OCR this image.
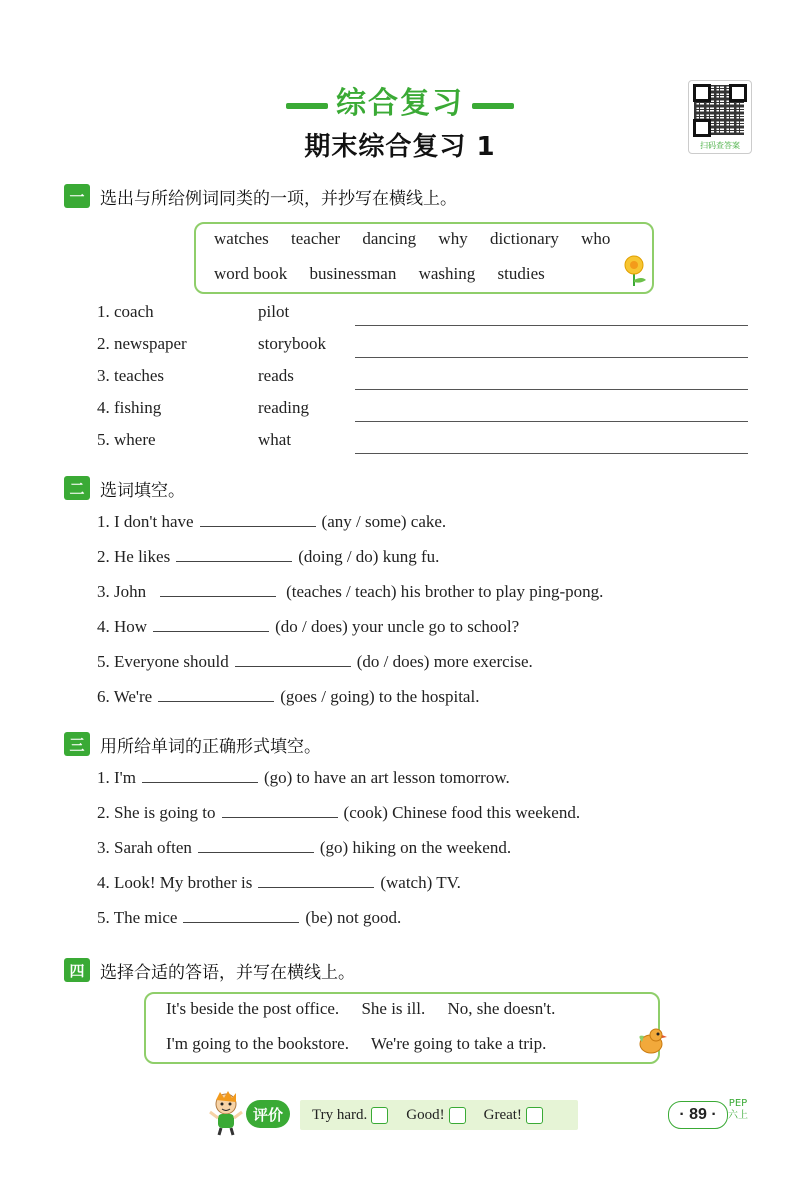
综合复习
期末综合复习 1	扫码查答案
一 选出与所给例词同类的一项，并抄写在横线上。
watches teacher dancing why dictionary who
word book businessman washing studies
1. coach	pilot
2. newspaper	storybook
3. teaches	reads
4. fishing	reading
5. where	what
二 选词填空。
1. I don't have	(any / some) cake.
2. He likes	(doing / do) kung fu.
3. John	(teaches / teach) his brother to play ping-pong.
4. How	(do / does) your uncle go to school?
5. Everyone should	(do / does) more exercise.
6. We're	(goes / going) to the hospital.
三 用所给单词的正确形式填空。
1. I'm	(go) to have an art lesson tomorrow.
2. She is going to	(cook) Chinese food this weekend.
3. Sarah often	(go) hiking on the weekend.
4. Look! My brother is	(watch) TV.
5. The mice	(be) not good.
四 选择合适的答语，并写在横线上。
It's beside the post office. She is ill. No, she doesn't.
I'm going to the bookstore. We're going to take a trip.
评价	Try hard.	Good!	Great!	· 89 ·
PEP
六上
